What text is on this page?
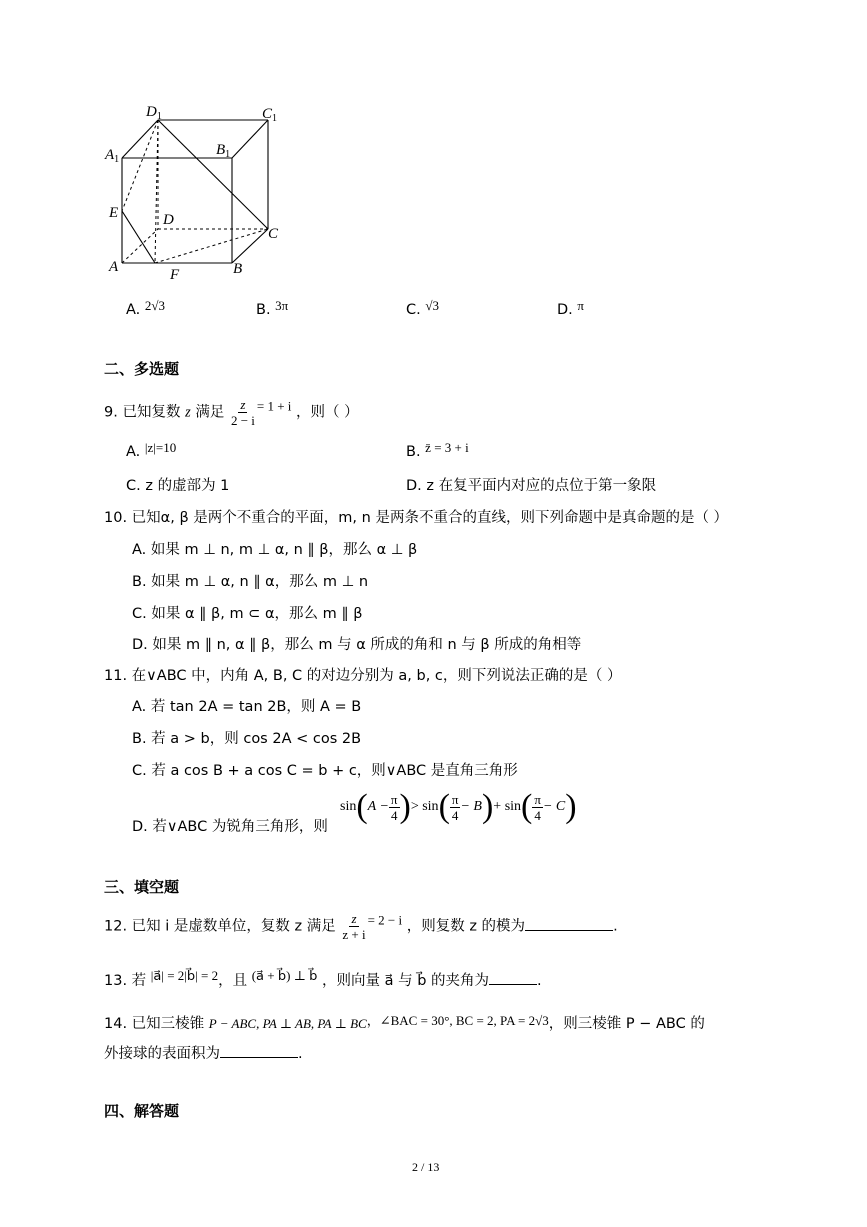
$D_1$	$C_1$
$A_1$
$B_1$
E	D
C
A	F	B
A. 2√3	B. 3π	C. √3	D. π
二、多选题
9. 已知复数 z 满足 $\frac{z}{2 - i} = 1 + i$ ，则（ ）
A. |z|=10	B. z̄ = 3 + i
C. z 的虚部为 1	D. z 在复平面内对应的点位于第一象限
10. 已知α, β 是两个不重合的平面，m, n 是两条不重合的直线，则下列命题中是真命题的是（ ）
A. 如果 m ⊥ n, m ⊥ α, n ∥ β，那么 α ⊥ β
B. 如果 m ⊥ α, n ∥ α，那么 m ⊥ n
C. 如果 α ∥ β, m ⊂ α，那么 m ∥ β
D. 如果 m ∥ n, α ∥ β，那么 m 与 α 所成的角和 n 与 β 所成的角相等
11. 在∨ABC 中，内角 A, B, C 的对边分别为 a, b, c，则下列说法正确的是（ ）
A. 若 tan 2A = tan 2B，则 A = B
B. 若 a > b，则 cos 2A < cos 2B
C. 若 a cos B + a cos C = b + c，则∨ABC 是直角三角形
D. 若∨ABC 为锐角三角形，则
sin ( $A - \frac{\pi}{4}$ ) > sin ( $\frac{\pi}{4} - B$ ) + sin ( $\frac{\pi}{4} - C$ )
三、填空题
12. 已知 i 是虚数单位，复数 z 满足 $\frac{z}{z + i} = 2 - i$ ，则复数 z 的模为	.
13. 若 |a⃗| = 2|b⃗| = 2，且 (a⃗ + b⃗) ⊥ b⃗ ，则向量 a⃗ 与 b⃗ 的夹角为	.
14. 已知三棱锥 P − ABC, PA ⊥ AB, PA ⊥ BC，∠BAC = 30°, BC = 2, PA = 2√3，则三棱锥 P − ABC 的
外接球的表面积为	.
四、解答题
2 / 13
